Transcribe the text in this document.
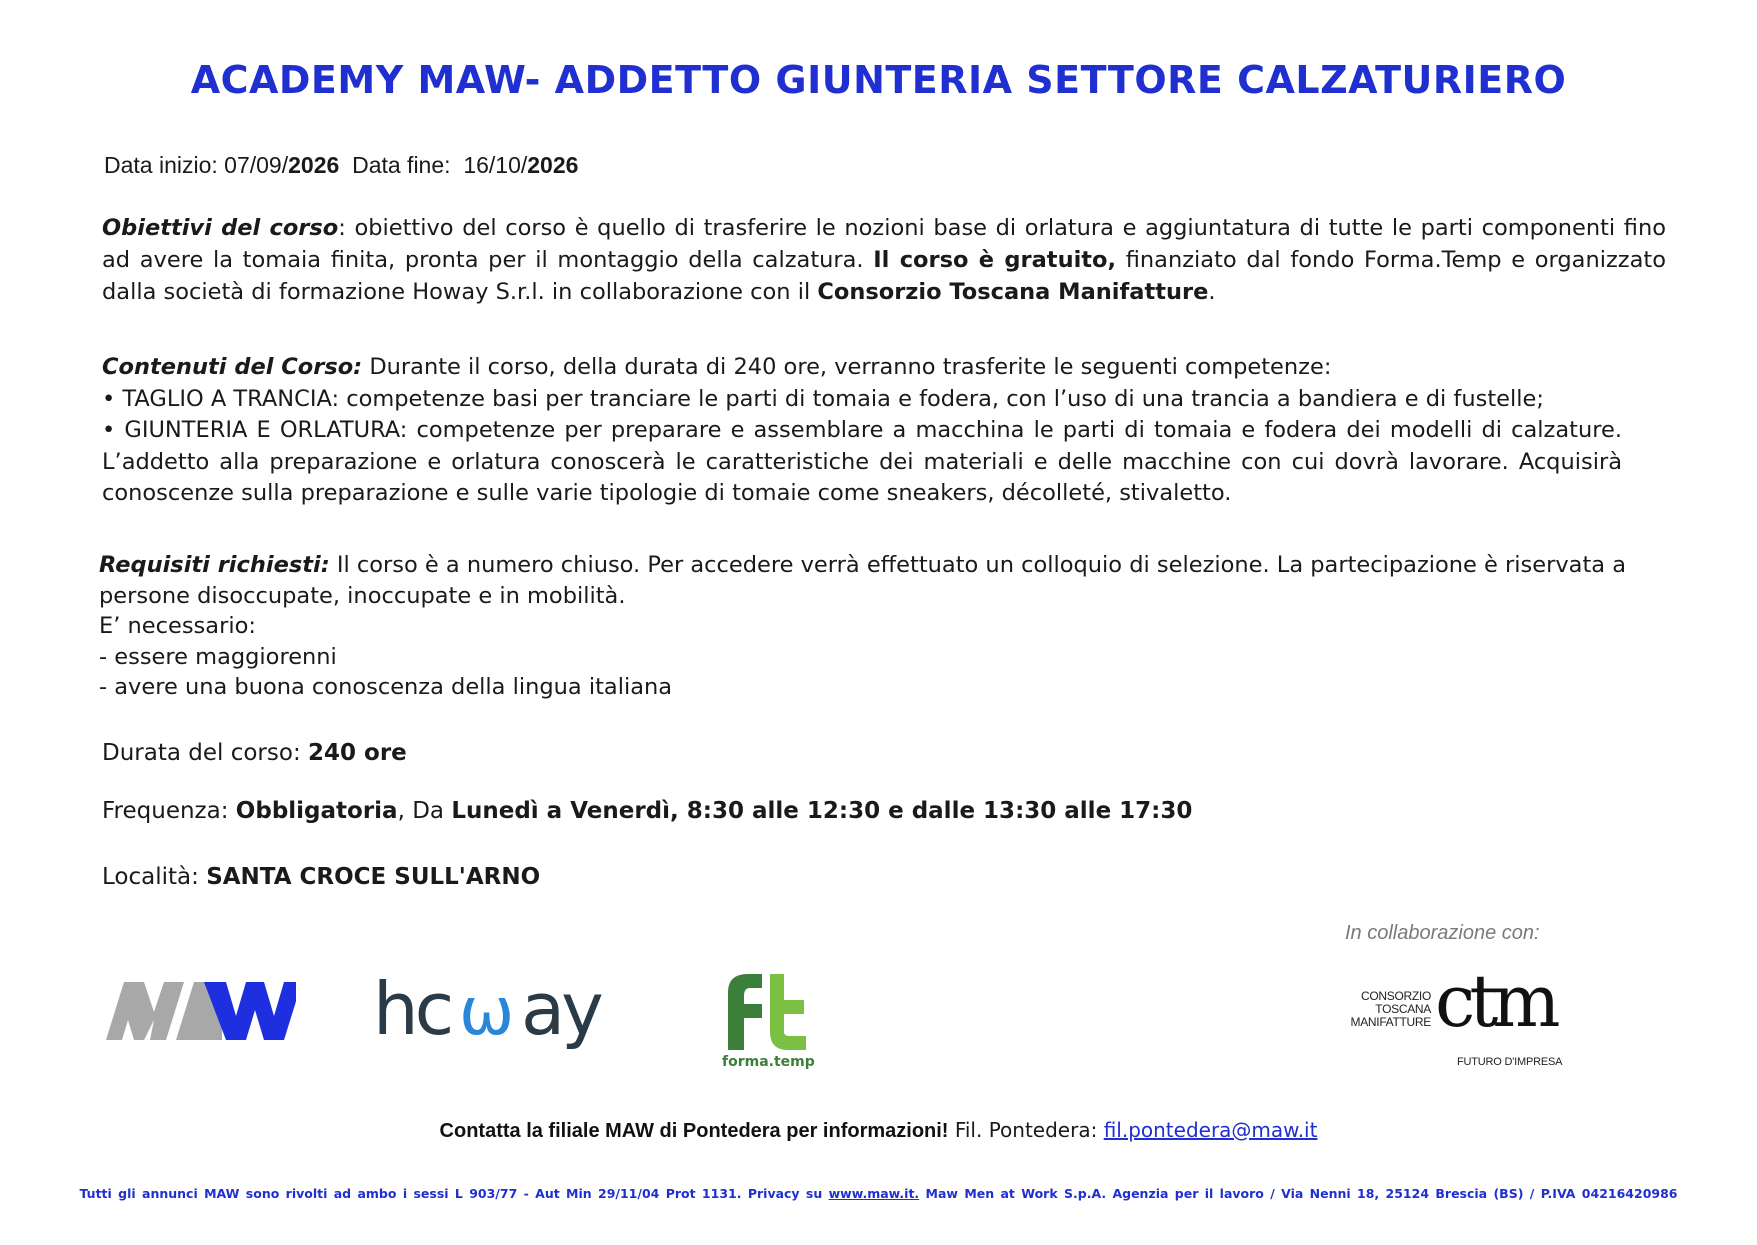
ACADEMY MAW- ADDETTO GIUNTERIA SETTORE CALZATURIERO
Data inizio: 07/09/2026 Data fine: 16/10/2026
Obiettivi del corso: obiettivo del corso è quello di trasferire le nozioni base di orlatura e aggiuntatura di tutte le parti componenti fino ad avere la tomaia finita, pronta per il montaggio della calzatura. Il corso è gratuito, finanziato dal fondo Forma.Temp e organizzato dalla società di formazione Howay S.r.l. in collaborazione con il Consorzio Toscana Manifatture.
Contenuti del Corso: Durante il corso, della durata di 240 ore, verranno trasferite le seguenti competenze:
• TAGLIO A TRANCIA: competenze basi per tranciare le parti di tomaia e fodera, con l’uso di una trancia a bandiera e di fustelle;
• GIUNTERIA E ORLATURA: competenze per preparare e assemblare a macchina le parti di tomaia e fodera dei modelli di calzature. L’addetto alla preparazione e orlatura conoscerà le caratteristiche dei materiali e delle macchine con cui dovrà lavorare. Acquisirà conoscenze sulla preparazione e sulle varie tipologie di tomaie come sneakers, décolleté, stivaletto.
Requisiti richiesti: Il corso è a numero chiuso. Per accedere verrà effettuato un colloquio di selezione. La partecipazione è riservata a persone disoccupate, inoccupate e in mobilità.
E’ necessario:
- essere maggiorenni
- avere una buona conoscenza della lingua italiana
Durata del corso: 240 ore
Frequenza: Obbligatoria, Da Lunedì a Venerdì, 8:30 alle 12:30 e dalle 13:30 alle 17:30
Località: SANTA CROCE SULL'ARNO
In collaborazione con:
hc ω ay
forma.temp
CONSORZIO
TOSCANA
MANIFATTURE ctm
FUTURO D'IMPRESA
Contatta la filiale MAW di Pontedera per informazioni! Fil. Pontedera: fil.pontedera@maw.it
Tutti gli annunci MAW sono rivolti ad ambo i sessi L 903/77 - Aut Min 29/11/04 Prot 1131. Privacy su www.maw.it. Maw Men at Work S.p.A. Agenzia per il lavoro / Via Nenni 18, 25124 Brescia (BS) / P.IVA 04216420986
